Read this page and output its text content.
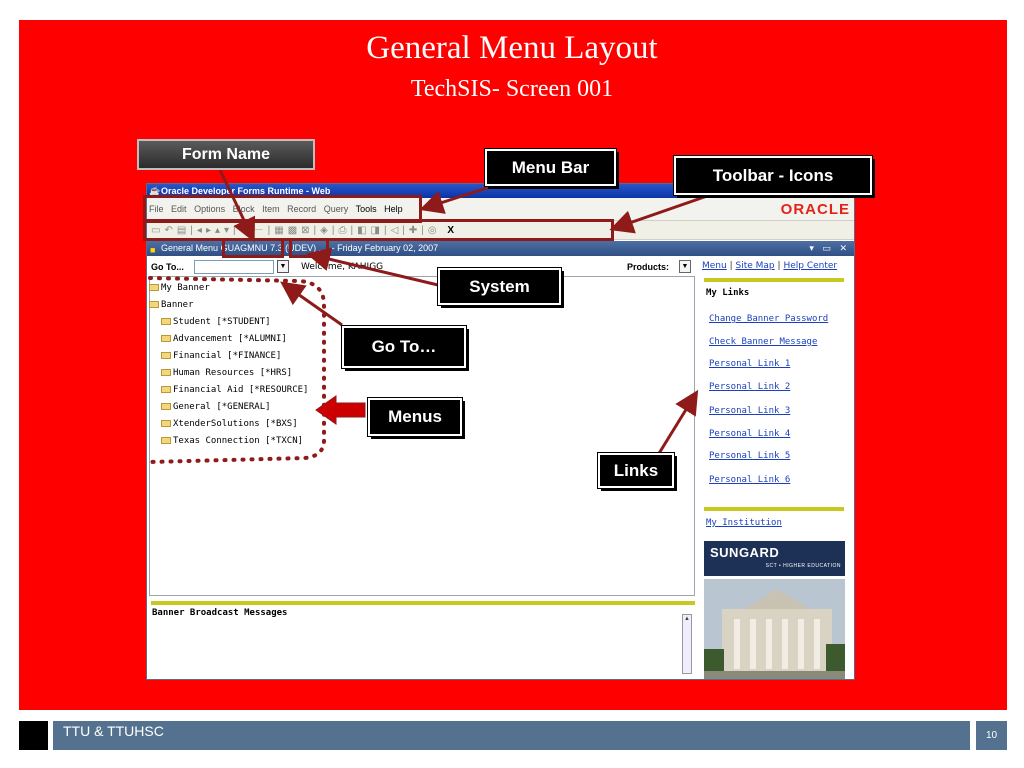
General Menu Layout
TechSIS- Screen 001
☕ Oracle Developer Forms Runtime - Web
File Edit Options Block Item Record Query Tools Help	ORACLE
▭↶▤|◂▸▴▾|＋－|▦▩⊠|◈|⎙|◧◨|◁|✚|◎ X
■ General Menu GUAGMNU 7.3 (UDEV) ...) - Friday February 02, 2007	▾ ▭ ✕
Go To...	▼ Welcome, KAHIGG	Products:	▼
My Banner
Banner
Student [*STUDENT]
Advancement [*ALUMNI]
Financial [*FINANCE]
Human Resources [*HRS]
Financial Aid [*RESOURCE]
General [*GENERAL]
XtenderSolutions [*BXS]
Texas Connection [*TXCN]
Menu | Site Map | Help Center
My Links
Change Banner Password
Check Banner Message
Personal Link 1
Personal Link 2
Personal Link 3
Personal Link 4
Personal Link 5
Personal Link 6
My Institution
SUNGARD
SCT • HIGHER EDUCATION
Banner Broadcast Messages
▲
Form Name
Menu Bar	Toolbar - Icons
System
Go To…
Menus
Links
TTU & TTUHSC	10
